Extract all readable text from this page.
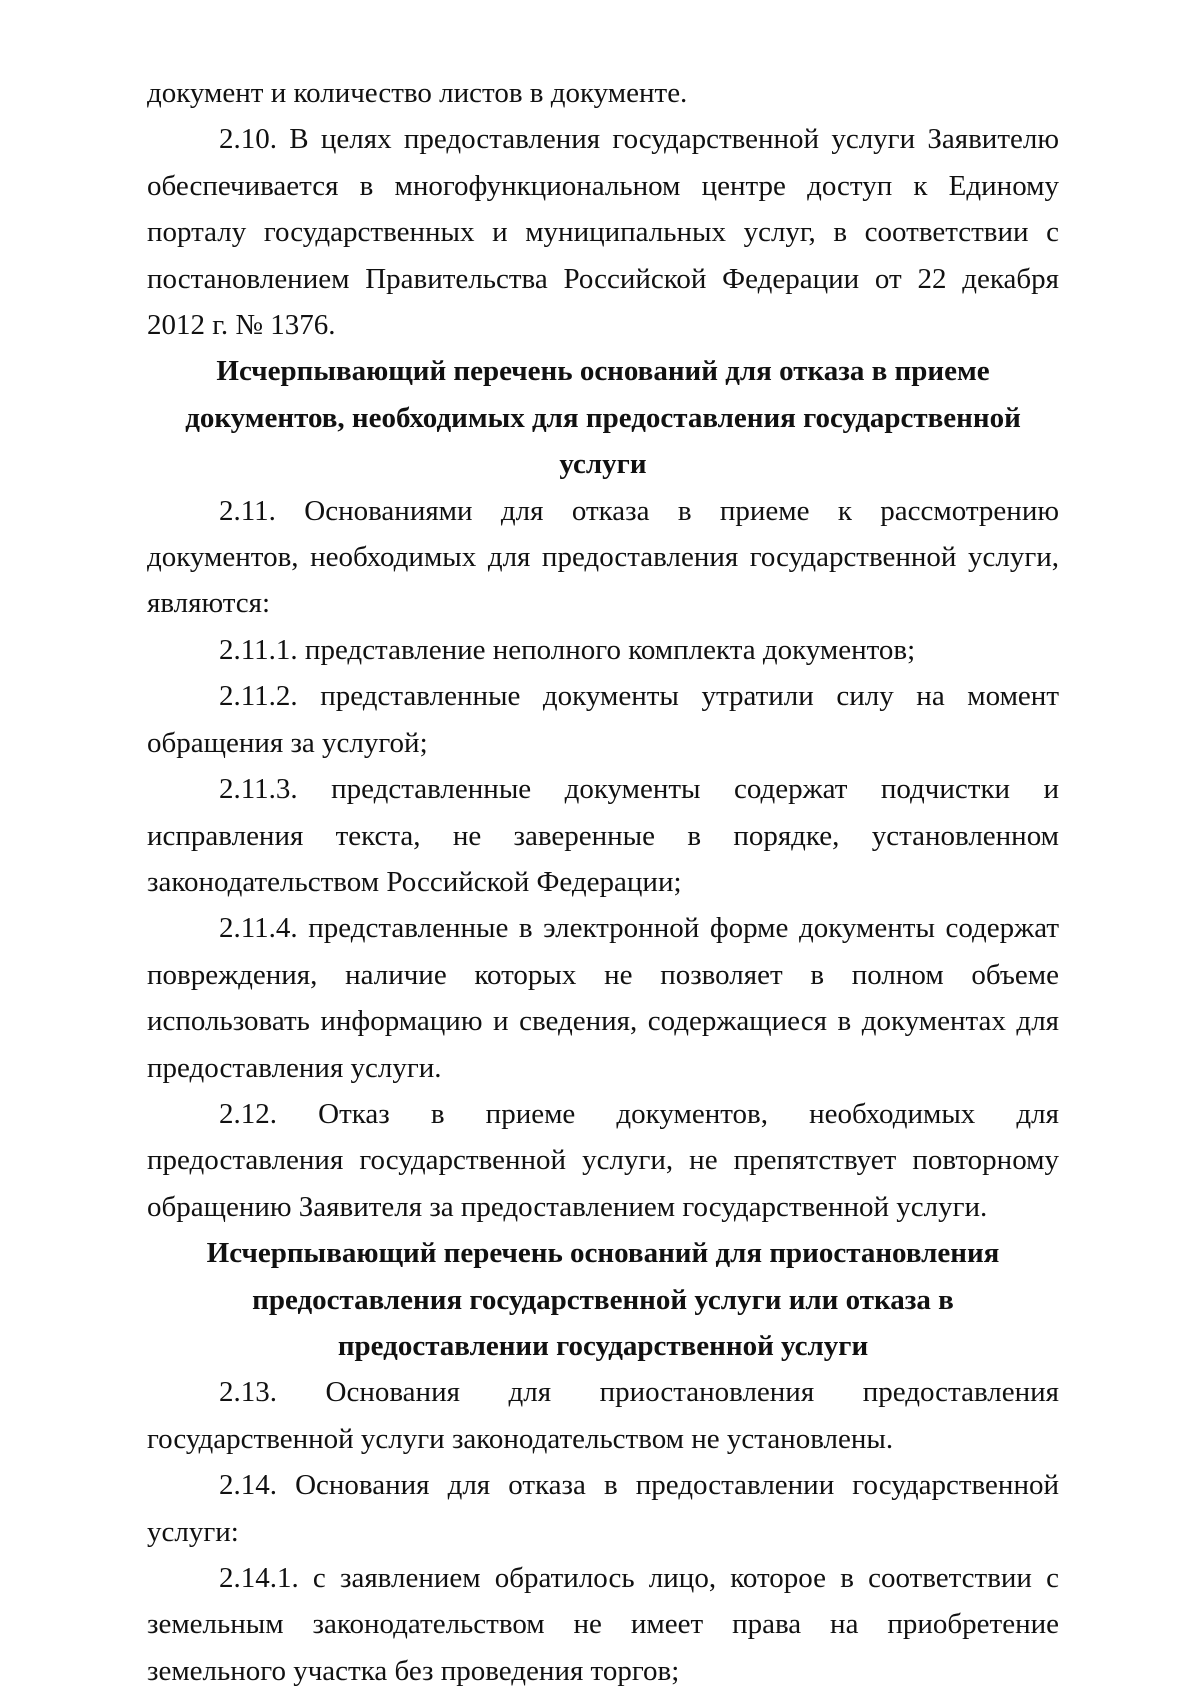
документ и количество листов в документе.

2.10. В целях предоставления государственной услуги Заявителю обеспечивается в многофункциональном центре доступ к Единому порталу государственных и муниципальных услуг, в соответствии с постановлением Правительства Российской Федерации от 22 декабря 2012 г. № 1376.

Исчерпывающий перечень оснований для отказа в приеме
документов, необходимых для предоставления государственной услуги

2.11. Основаниями для отказа в приеме к рассмотрению документов, необходимых для предоставления государственной услуги, являются:

2.11.1. представление неполного комплекта документов;

2.11.2. представленные документы утратили силу на момент обращения за услугой;

2.11.3. представленные документы содержат подчистки и исправления текста, не заверенные в порядке, установленном законодательством Российской Федерации;

2.11.4. представленные в электронной форме документы содержат повреждения, наличие которых не позволяет в полном объеме использовать информацию и сведения, содержащиеся в документах для предоставления услуги.

2.12. Отказ в приеме документов, необходимых для предоставления государственной услуги, не препятствует повторному обращению Заявителя за предоставлением государственной услуги.

Исчерпывающий перечень оснований для приостановления
предоставления государственной услуги или отказа в
предоставлении государственной услуги

2.13. Основания для приостановления предоставления государственной услуги законодательством не установлены.

2.14. Основания для отказа в предоставлении государственной услуги:

2.14.1. с заявлением обратилось лицо, которое в соответствии с земельным законодательством не имеет права на приобретение земельного участка без проведения торгов;
